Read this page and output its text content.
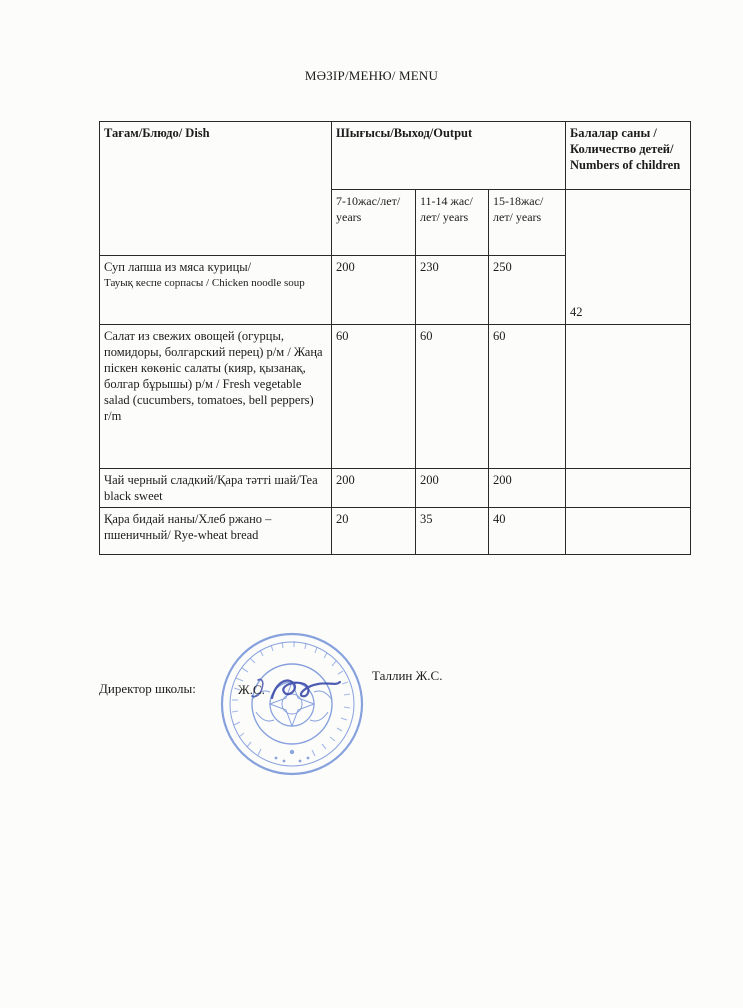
МӘЗІР/МЕНЮ/ MENU
Тағам/Блюдо/ Dish	Шығысы/Выход/Output			Балалар саны /Количество детей/ Numbers of children
	7-10жас/лет/ years	11-14 жас/лет/ years	15-18жас/лет/ years	42

Суп лапша из мяса курицы/
Тауық кеспе сорпасы / Chicken noodle soup	200	230	250	
Салат из свежих овощей (огурцы, помидоры, болгарский перец) р/м / Жаңа піскен көкөніс салаты (кияр, қызанақ, болгар бұрышы) р/м / Fresh vegetable salad (cucumbers, tomatoes, bell peppers) r/m	60	60	60	
Чай черный сладкий/Қара тәтті шай/Tea black sweet	200	200	200	
Қара бидай наны/Хлеб ржано – пшеничный/ Rye-wheat bread	20	35	40	
Ж.С.
Директор школы:
Таллин Ж.С.
